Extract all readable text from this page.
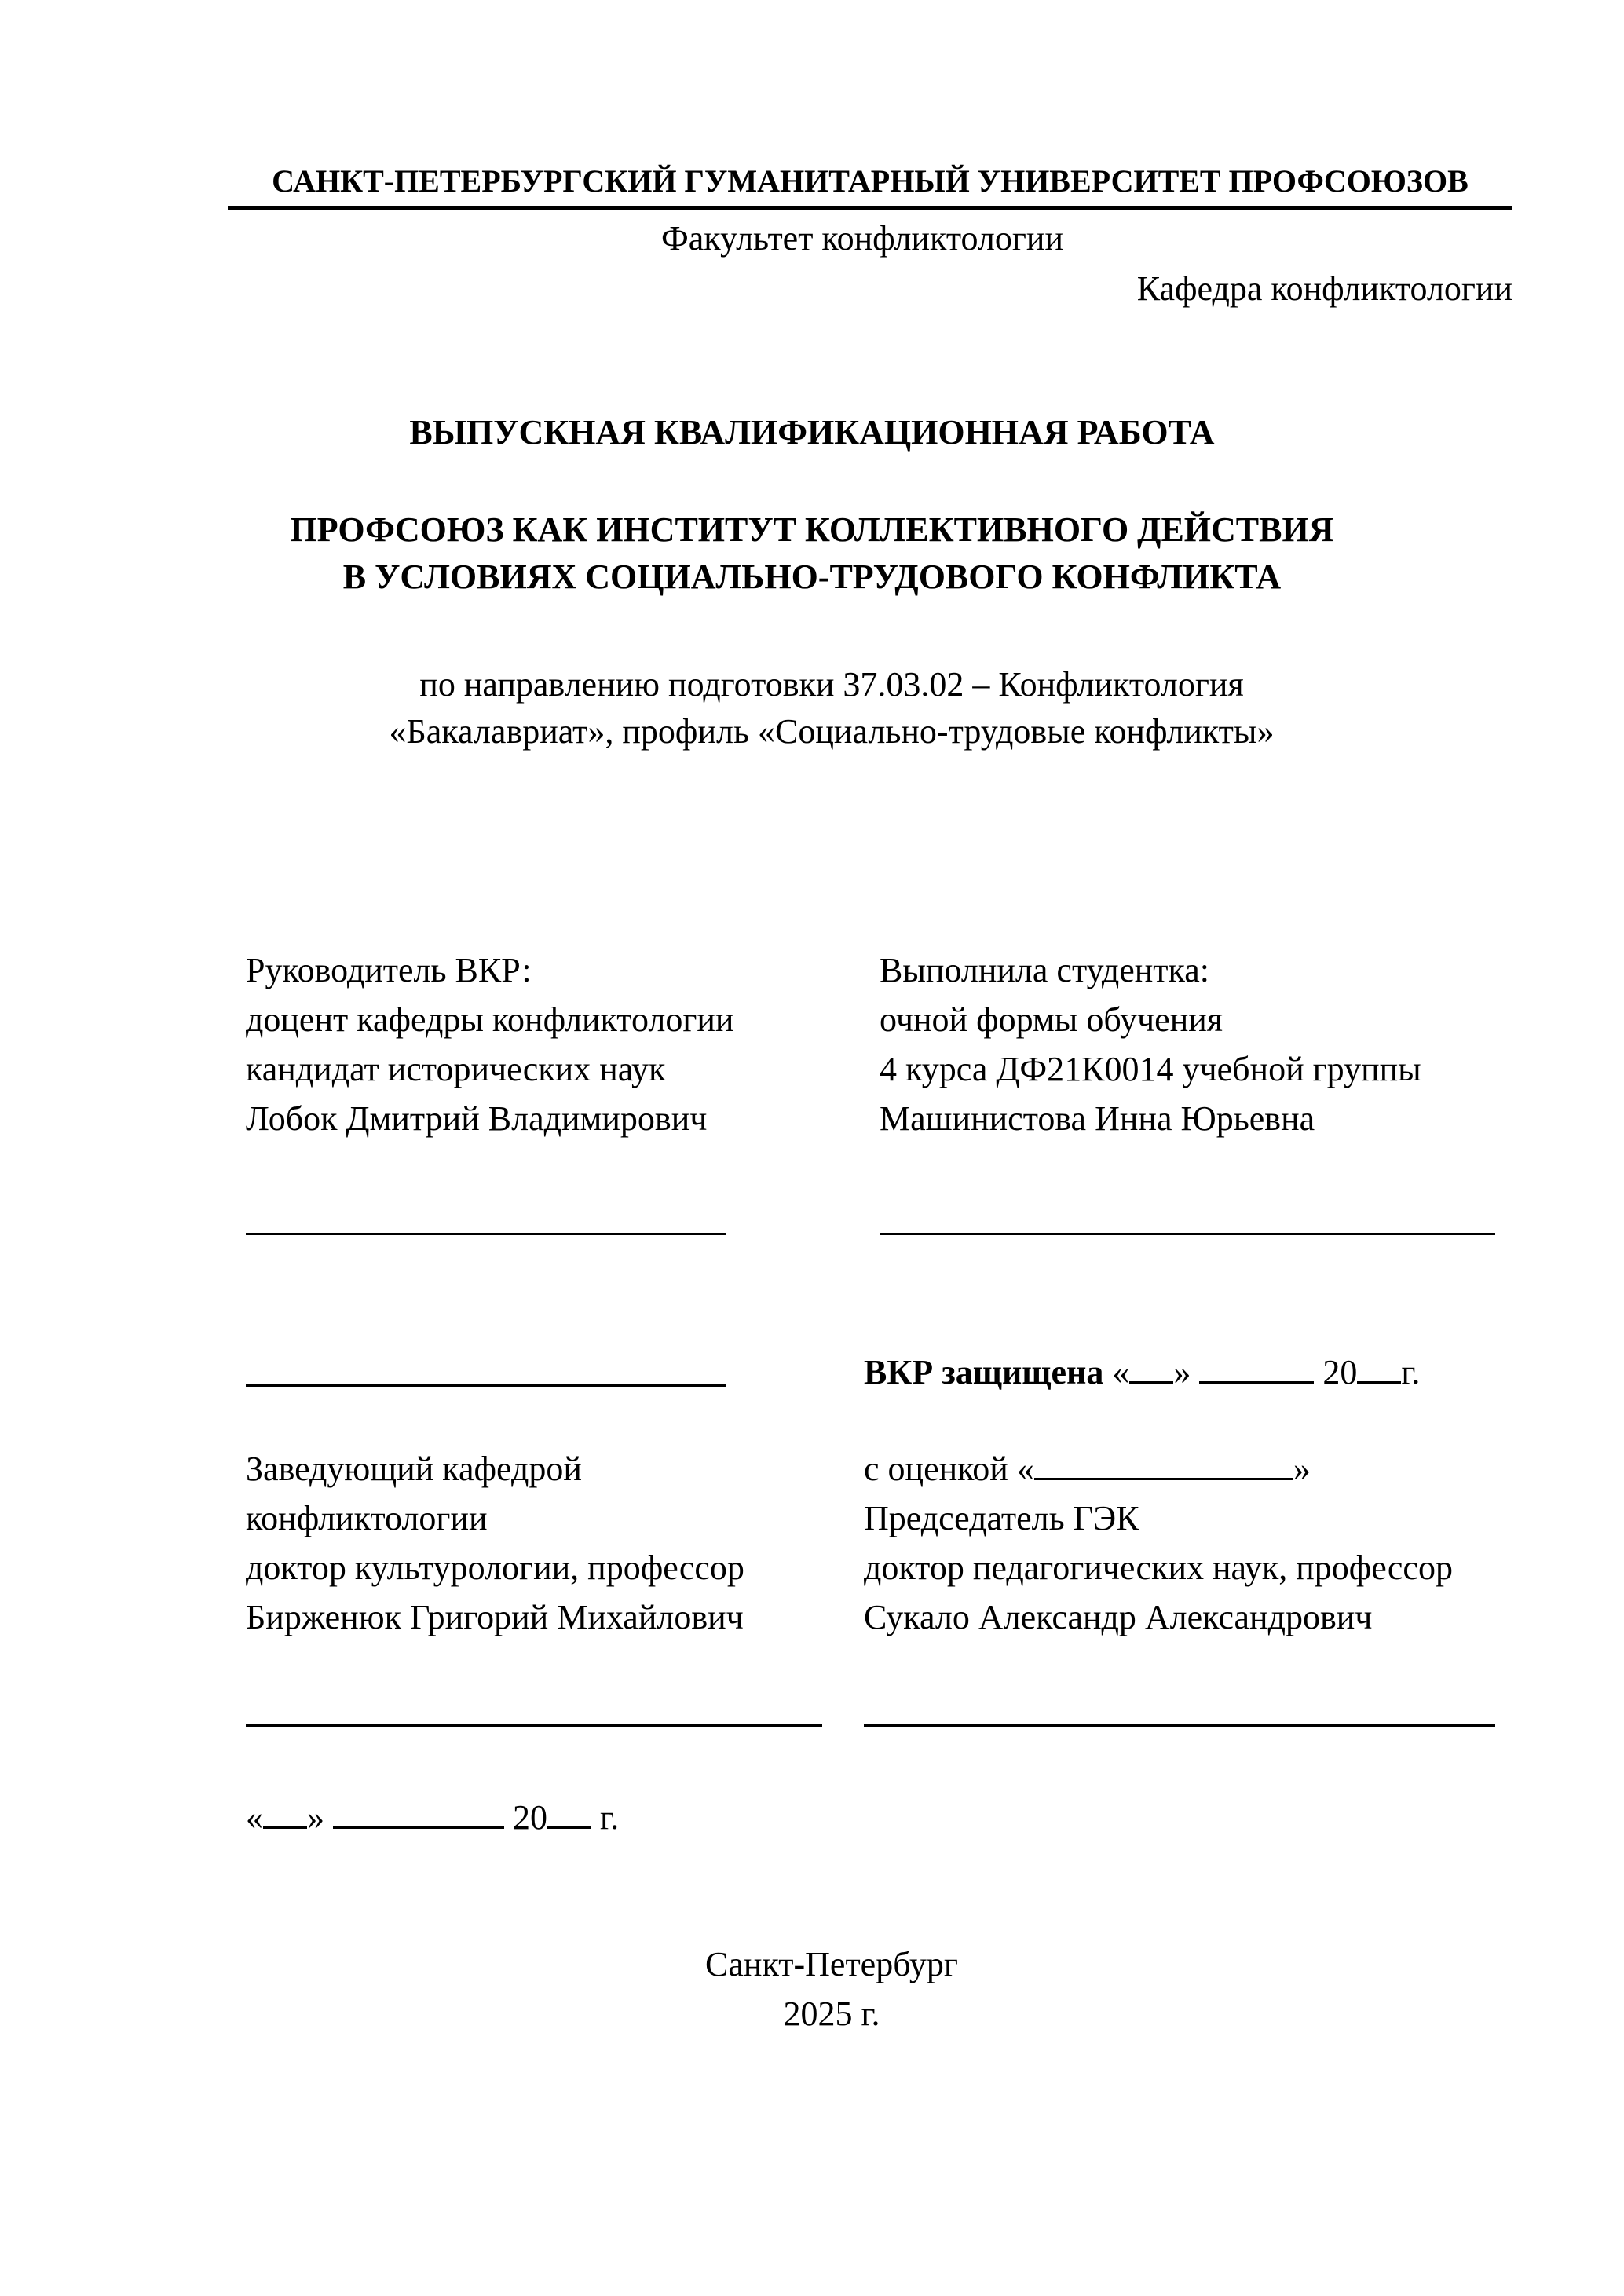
САНКТ-ПЕТЕРБУРГСКИЙ ГУМАНИТАРНЫЙ УНИВЕРСИТЕТ ПРОФСОЮЗОВ
Факультет конфликтологии
Кафедра конфликтологии
ВЫПУСКНАЯ КВАЛИФИКАЦИОННАЯ РАБОТА
ПРОФСОЮЗ КАК ИНСТИТУТ КОЛЛЕКТИВНОГО ДЕЙСТВИЯ
В УСЛОВИЯХ СОЦИАЛЬНО-ТРУДОВОГО КОНФЛИКТА
по направлению подготовки 37.03.02 – Конфликтология
«Бакалавриат», профиль «Социально-трудовые конфликты»
Руководитель ВКР:
доцент кафедры конфликтологии
кандидат исторических наук
Лобок Дмитрий Владимирович
Выполнила студентка:
очной формы обучения
4 курса ДФ21К0014 учебной группы
Машинистова Инна Юрьевна
ВКР защищена « »	20 г.
Заведующий кафедрой
конфликтологии
доктор культурологии, профессор
Бирженюк Григорий Михайлович
с оценкой «	»
Председатель ГЭК
доктор педагогических наук, профессор
Сукало Александр Александрович
« »	20 г.
Санкт-Петербург
2025 г.
